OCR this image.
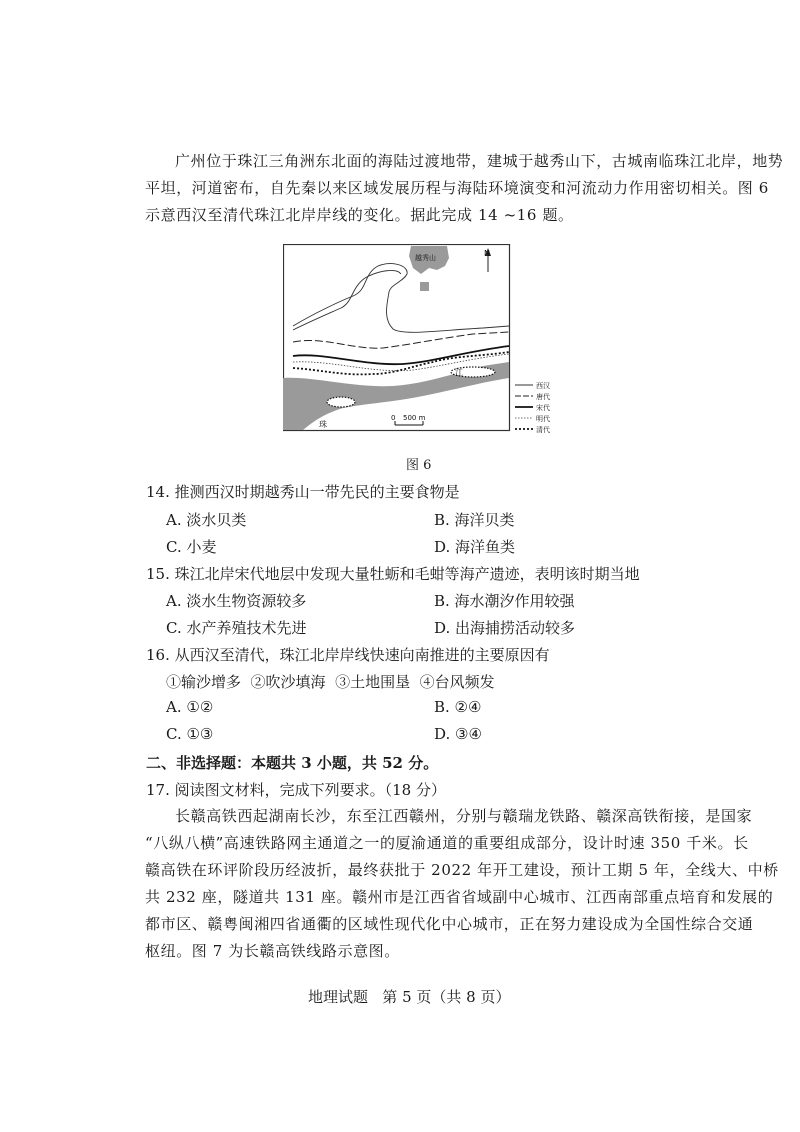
广州位于珠江三角洲东北面的海陆过渡地带，建城于越秀山下，古城南临珠江北岸，地势
平坦，河道密布，自先秦以来区域发展历程与海陆环境演变和河流动力作用密切相关。图 6
示意西汉至清代珠江北岸岸线的变化。据此完成 14 ~16 题。
越秀山	N
珠
江
0 500 m
西汉
唐代
宋代
明代
清代
图 6
14. 推测西汉时期越秀山一带先民的主要食物是
A. 淡水贝类	B. 海洋贝类
C. 小麦	D. 海洋鱼类
15. 珠江北岸宋代地层中发现大量牡蛎和毛蚶等海产遗迹，表明该时期当地
A. 淡水生物资源较多	B. 海水潮汐作用较强
C. 水产养殖技术先进	D. 出海捕捞活动较多
16. 从西汉至清代，珠江北岸岸线快速向南推进的主要原因有
①输沙增多  ②吹沙填海  ③土地围垦  ④台风频发
A. ①②	B. ②④
C. ①③	D. ③④
二、非选择题：本题共 3 小题，共 52 分。
17. 阅读图文材料，完成下列要求。（18 分）
长赣高铁西起湖南长沙，东至江西赣州，分别与赣瑞龙铁路、赣深高铁衔接，是国家
“八纵八横”高速铁路网主通道之一的厦渝通道的重要组成部分，设计时速 350 千米。长
赣高铁在环评阶段历经波折，最终获批于 2022 年开工建设，预计工期 5 年，全线大、中桥
共 232 座，隧道共 131 座。赣州市是江西省省域副中心城市、江西南部重点培育和发展的
都市区、赣粤闽湘四省通衢的区域性现代化中心城市，正在努力建设成为全国性综合交通
枢纽。图 7 为长赣高铁线路示意图。
地理试题   第 5 页（共 8 页）
